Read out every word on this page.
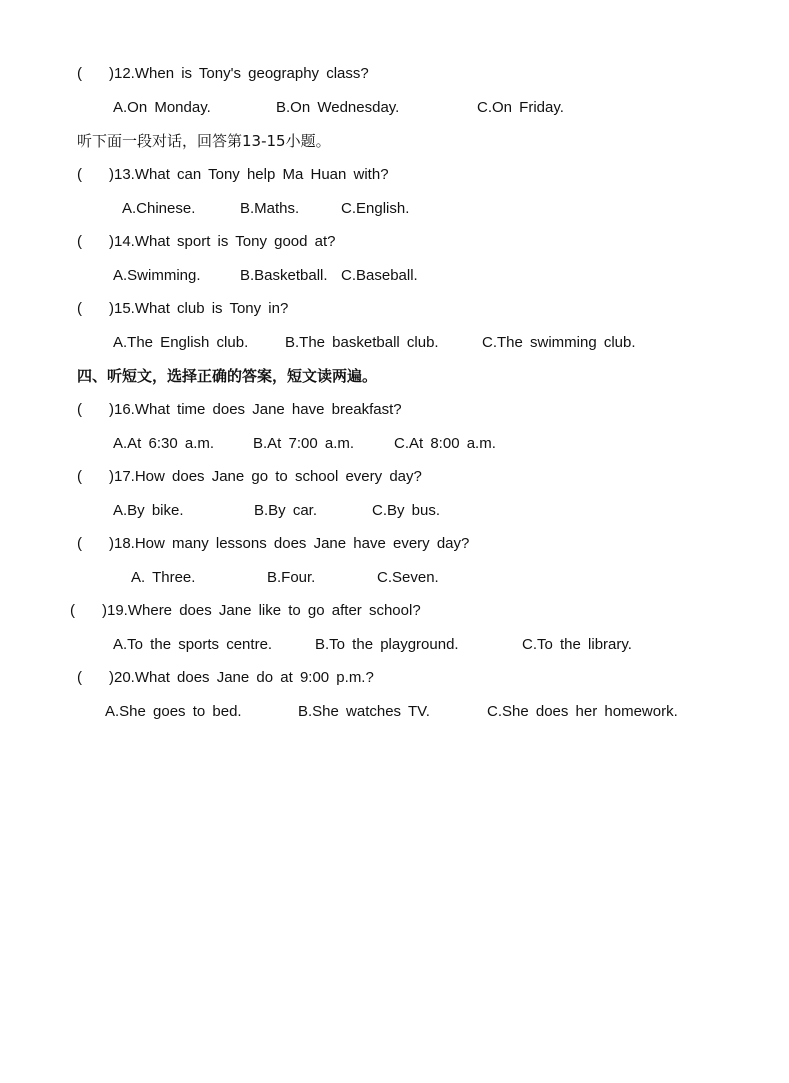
( )12.When is Tony's geography class?
A.On Monday.	B.On Wednesday.	C.On Friday.
听下面一段对话，回答第13-15小题。
( )13.What can Tony help Ma Huan with?
A.Chinese.	B.Maths.	C.English.
( )14.What sport is Tony good at?
A.Swimming.	B.Basketball. C.Baseball.
( )15.What club is Tony in?
A.The English club. B.The basketball club.	C.The swimming club.
四、听短文，选择正确的答案，短文读两遍。
( )16.What time does Jane have breakfast?
A.At 6:30 a.m.	B.At 7:00 a.m.	C.At 8:00 a.m.
( )17.How does Jane go to school every day?
A.By bike.	B.By car.	C.By bus.
( )18.How many lessons does Jane have every day?
A. Three.	B.Four.	C.Seven.
( )19.Where does Jane like to go after school?
A.To the sports centre.	B.To the playground.	C.To the library.
( )20.What does Jane do at 9:00 p.m.?
A.She goes to bed.	B.She watches TV.	C.She does her homework.
